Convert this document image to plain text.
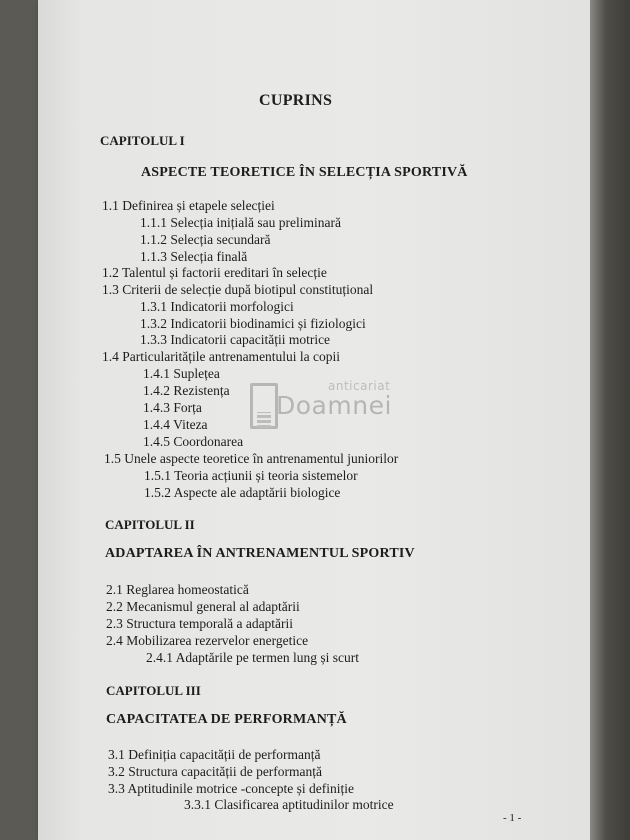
CUPRINS
CAPITOLUL I
ASPECTE TEORETICE ÎN SELECȚIA SPORTIVĂ
1.1 Definirea și etapele selecției
1.1.1 Selecția inițială sau preliminară
1.1.2 Selecția secundară
1.1.3 Selecția finală
1.2 Talentul și factorii ereditari în selecție
1.3 Criterii de selecție după biotipul constituțional
1.3.1 Indicatorii morfologici
1.3.2 Indicatorii biodinamici și fiziologici
1.3.3 Indicatorii capacității motrice
1.4 Particularitățile antrenamentului la copii
1.4.1 Suplețea
1.4.2 Rezistența
1.4.3 Forța
1.4.4 Viteza
1.4.5 Coordonarea
1.5 Unele aspecte teoretice în antrenamentul juniorilor
1.5.1 Teoria acțiunii și teoria sistemelor
1.5.2 Aspecte ale adaptării biologice
CAPITOLUL II
ADAPTAREA ÎN ANTRENAMENTUL SPORTIV
2.1 Reglarea homeostatică
2.2 Mecanismul general al adaptării
2.3 Structura temporală a adaptării
2.4 Mobilizarea rezervelor energetice
2.4.1 Adaptările pe termen lung și scurt
CAPITOLUL III
CAPACITATEA DE PERFORMANȚĂ
3.1 Definiția capacității de performanță
3.2 Structura capacității de performanță
3.3 Aptitudinile motrice -concepte și definiție
3.3.1 Clasificarea aptitudinilor motrice
- 1 -
anticariat
Doamnei
